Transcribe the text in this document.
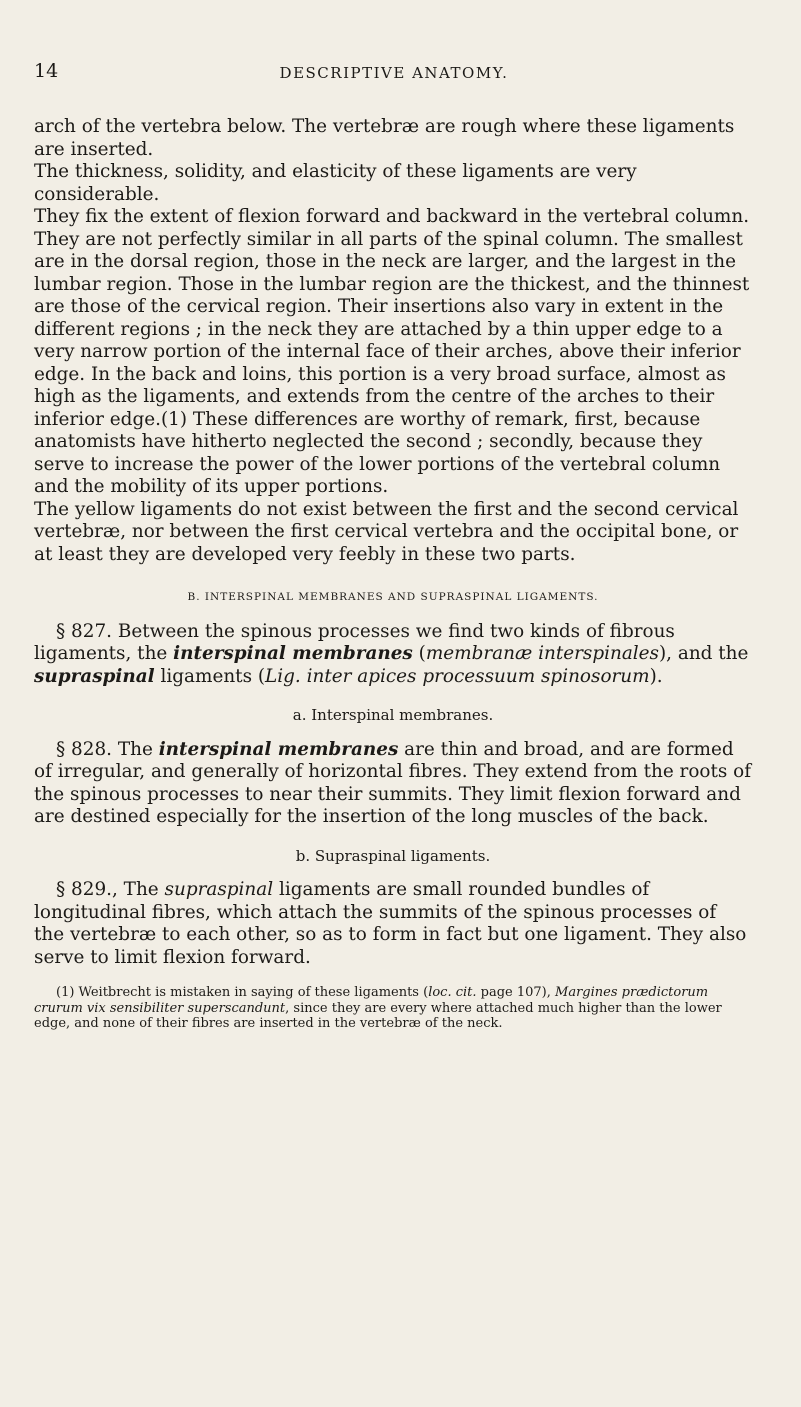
14	DESCRIPTIVE ANATOMY.

arch of the vertebra below. The vertebræ are rough where these ligaments are inserted.

The thickness, solidity, and elasticity of these ligaments are very considerable.

They fix the extent of flexion forward and backward in the vertebral column.

They are not perfectly similar in all parts of the spinal column. The smallest are in the dorsal region, those in the neck are larger, and the largest in the lumbar region. Those in the lumbar region are the thickest, and the thinnest are those of the cervical region. Their insertions also vary in extent in the different regions ; in the neck they are attached by a thin upper edge to a very narrow portion of the internal face of their arches, above their inferior edge. In the back and loins, this portion is a very broad surface, almost as high as the ligaments, and extends from the centre of the arches to their inferior edge.(1) These differences are worthy of remark, first, because anatomists have hitherto neglected the second ; secondly, because they serve to increase the power of the lower portions of the vertebral column and the mobility of its upper portions.

The yellow ligaments do not exist between the first and the second cervical vertebræ, nor between the first cervical vertebra and the occipital bone, or at least they are developed very feebly in these two parts.

B. INTERSPINAL MEMBRANES AND SUPRASPINAL LIGAMENTS.

§ 827. Between the spinous processes we find two kinds of fibrous ligaments, the interspinal membranes (membranæ interspinales), and the supraspinal ligaments (Lig. inter apices processuum spinosorum).

a. Interspinal membranes.

§ 828. The interspinal membranes are thin and broad, and are formed of irregular, and generally of horizontal fibres. They extend from the roots of the spinous processes to near their summits. They limit flexion forward and are destined especially for the insertion of the long muscles of the back.

b. Supraspinal ligaments.

§ 829., The supraspinal ligaments are small rounded bundles of longitudinal fibres, which attach the summits of the spinous processes of the vertebræ to each other, so as to form in fact but one ligament. They also serve to limit flexion forward.

(1) Weitbrecht is mistaken in saying of these ligaments (loc. cit. page 107), Margines prædictorum crurum vix sensibiliter superscandunt, since they are every where attached much higher than the lower edge, and none of their fibres are inserted in the vertebræ of the neck.
